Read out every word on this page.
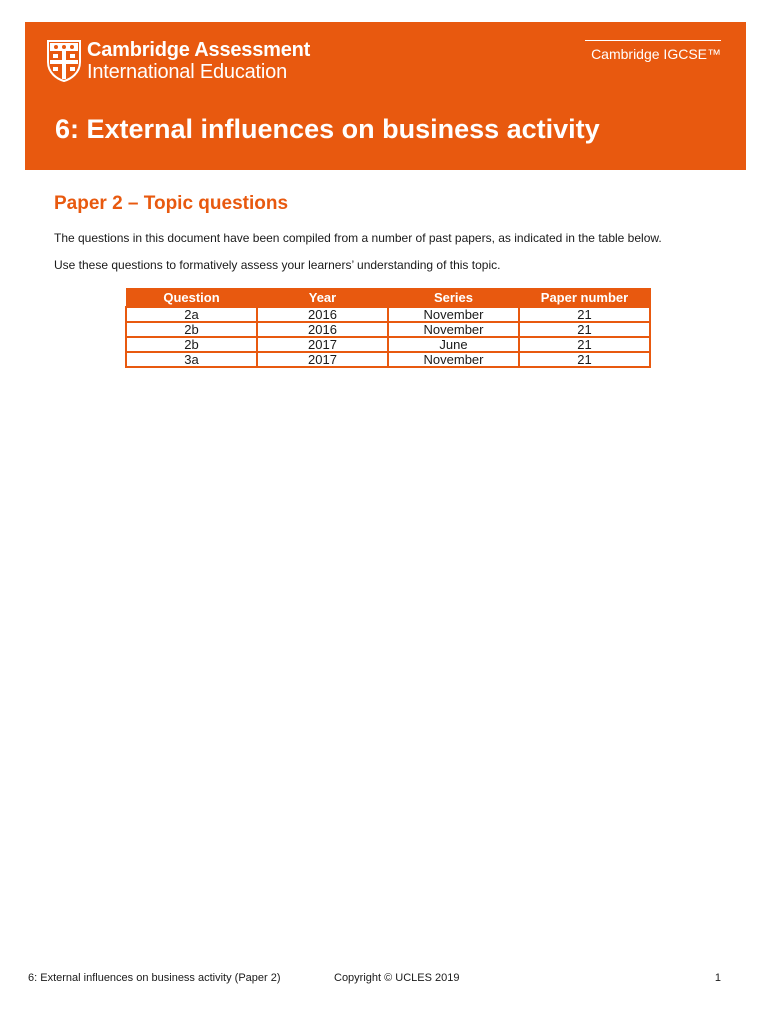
Cambridge Assessment
International Education
Cambridge IGCSE™
6: External influences on business activity
Paper 2 – Topic questions
The questions in this document have been compiled from a number of past papers, as indicated in the table below.
Use these questions to formatively assess your learners’ understanding of this topic.
Question	Year	Series	Paper number
2a	2016	November	21
2b	2016	November	21
2b	2017	June	21
3a	2017	November	21
6: External influences on business activity (Paper 2)	Copyright © UCLES 2019	1
